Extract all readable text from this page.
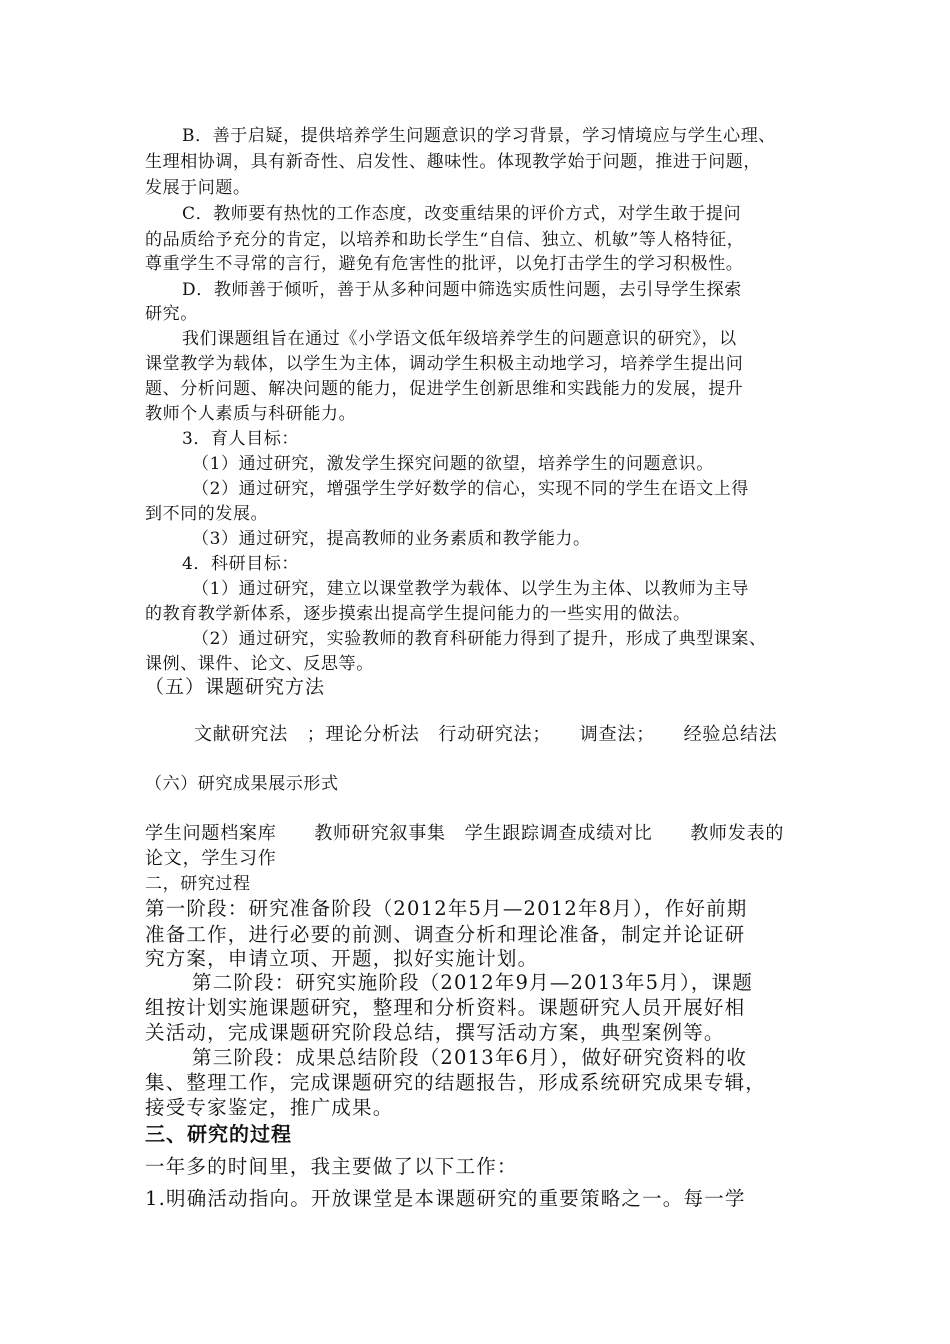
B．善于启疑，提供培养学生问题意识的学习背景，学习情境应与学生心理、
生理相协调，具有新奇性、启发性、趣味性。体现教学始于问题，推进于问题，
发展于问题。
C．教师要有热忱的工作态度，改变重结果的评价方式，对学生敢于提问
的品质给予充分的肯定，以培养和助长学生“自信、独立、机敏”等人格特征，
尊重学生不寻常的言行，避免有危害性的批评，以免打击学生的学习积极性。
D．教师善于倾听，善于从多种问题中筛选实质性问题，去引导学生探索
研究。
我们课题组旨在通过《小学语文低年级培养学生的问题意识的研究》，以
课堂教学为载体，以学生为主体，调动学生积极主动地学习，培养学生提出问
题、分析问题、解决问题的能力，促进学生创新思维和实践能力的发展，提升
教师个人素质与科研能力。
3．育人目标：
（1）通过研究，激发学生探究问题的欲望，培养学生的问题意识。
（2）通过研究，增强学生学好数学的信心，实现不同的学生在语文上得
到不同的发展。
（3）通过研究，提高教师的业务素质和教学能力。
4．科研目标：
（1）通过研究，建立以课堂教学为载体、以学生为主体、以教师为主导
的教育教学新体系，逐步摸索出提高学生提问能力的一些实用的做法。
（2）通过研究，实验教师的教育科研能力得到了提升，形成了典型课案、
课例、课件、论文、反思等。
（五）课题研究方法
文献研究法　；理论分析法　行动研究法；　　调查法；　　经验总结法
（六）研究成果展示形式
学生问题档案库　　教师研究叙事集　学生跟踪调查成绩对比　　教师发表的
论文，学生习作
二，研究过程
第一阶段：研究准备阶段（2012年5月—2012年8月），作好前期
准备工作，进行必要的前测、调查分析和理论准备，制定并论证研
究方案，申请立项、开题，拟好实施计划。
第二阶段：研究实施阶段（2012年9月—2013年5月），课题
组按计划实施课题研究，整理和分析资料。课题研究人员开展好相
关活动，完成课题研究阶段总结，撰写活动方案，典型案例等。
第三阶段：成果总结阶段（2013年6月），做好研究资料的收
集、整理工作，完成课题研究的结题报告，形成系统研究成果专辑，
接受专家鉴定，推广成果。
三、研究的过程
一年多的时间里，我主要做了以下工作：
1.明确活动指向。开放课堂是本课题研究的重要策略之一。每一学
